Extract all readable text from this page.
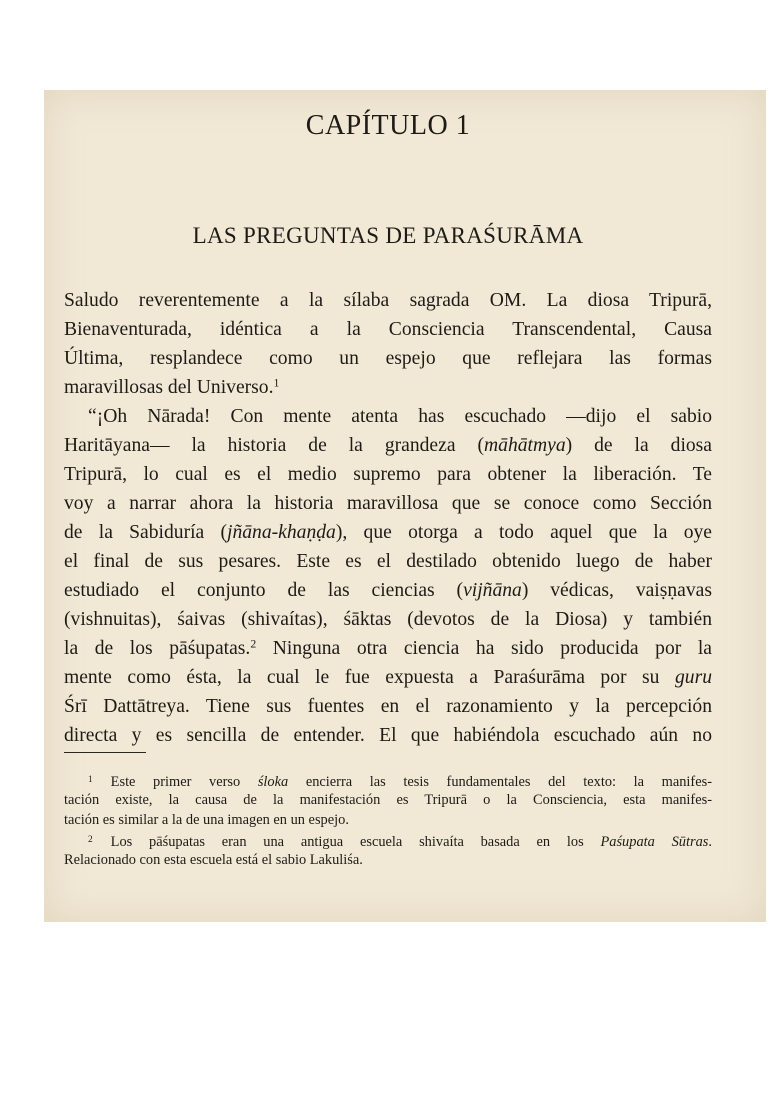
CAPÍTULO 1
LAS PREGUNTAS DE PARAŚURĀMA
Saludo reverentemente a la sílaba sagrada OM. La diosa Tripurā,
Bienaventurada, idéntica a la Consciencia Transcendental, Causa
Última, resplandece como un espejo que reflejara las formas
maravillosas del Universo.$^1$
“¡Oh Nārada! Con mente atenta has escuchado —dijo el sabio
Haritāyana— la historia de la grandeza (māhātmya) de la diosa
Tripurā, lo cual es el medio supremo para obtener la liberación. Te
voy a narrar ahora la historia maravillosa que se conoce como Sección
de la Sabiduría (jñāna-khaṇḍa), que otorga a todo aquel que la oye
el final de sus pesares. Este es el destilado obtenido luego de haber
estudiado el conjunto de las ciencias (vijñāna) védicas, vaiṣṇavas
(vishnuitas), śaivas (shivaítas), śāktas (devotos de la Diosa) y también
la de los pāśupatas.$^2$ Ninguna otra ciencia ha sido producida por la
mente como ésta, la cual le fue expuesta a Paraśurāma por su guru
Śrī Dattātreya. Tiene sus fuentes en el razonamiento y la percepción
directa y es sencilla de entender. El que habiéndola escuchado aún no
$^1$ Este primer verso śloka encierra las tesis fundamentales del texto: la manifes-
tación existe, la causa de la manifestación es Tripurā o la Consciencia, esta manifes-
tación es similar a la de una imagen en un espejo.
$^2$ Los pāśupatas eran una antigua escuela shivaíta basada en los Paśupata Sūtras.
Relacionado con esta escuela está el sabio Lakuliśa.
